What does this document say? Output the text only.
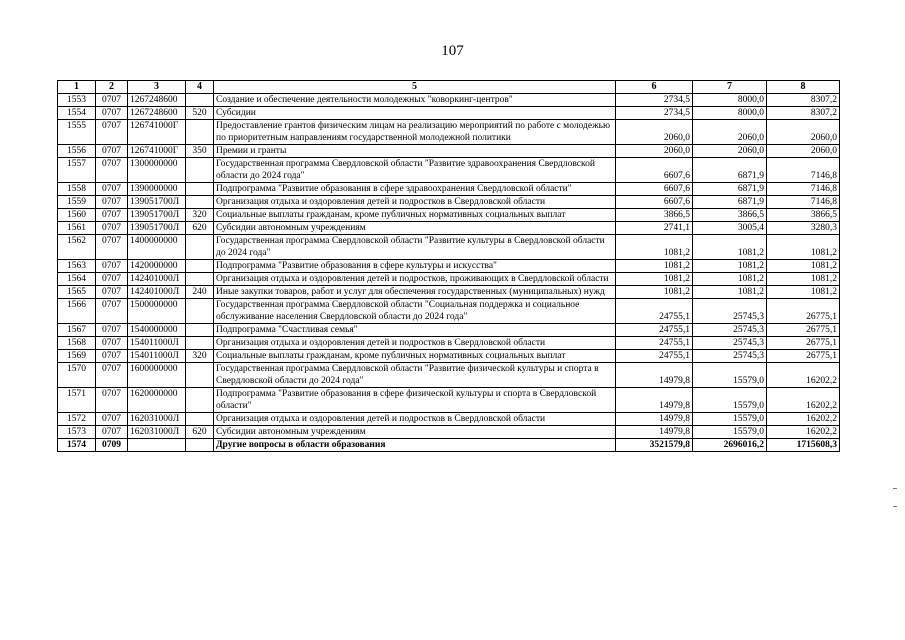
107
1	2	3	4	5	6	7	8
1553	0707	1267248600		Создание и обеспечение деятельности молодежных "коворкинг-центров"	2734,5	8000,0	8307,2
1554	0707	1267248600	520	Субсидии	2734,5	8000,0	8307,2
1555	0707	126741000Г		Предоставление грантов физическим лицам на реализацию мероприятий по работе с молодежью по приоритетным направлениям государственной молодежной политики	2060,0	2060,0	2060,0
1556	0707	126741000Г	350	Премии и гранты	2060,0	2060,0	2060,0
1557	0707	1300000000		Государственная программа Свердловской области "Развитие здравоохранения Свердловской области до 2024 года"	6607,6	6871,9	7146,8
1558	0707	1390000000		Подпрограмма "Развитие образования в сфере здравоохранения Свердловской области"	6607,6	6871,9	7146,8
1559	0707	139051700Л		Организация отдыха и оздоровления детей и подростков в Свердловской области	6607,6	6871,9	7146,8
1560	0707	139051700Л	320	Социальные выплаты гражданам, кроме публичных нормативных социальных выплат	3866,5	3866,5	3866,5
1561	0707	139051700Л	620	Субсидии автономным учреждениям	2741,1	3005,4	3280,3
1562	0707	1400000000		Государственная программа Свердловской области "Развитие культуры в Свердловской области до 2024 года"	1081,2	1081,2	1081,2
1563	0707	1420000000		Подпрограмма "Развитие образования в сфере культуры и искусства"	1081,2	1081,2	1081,2
1564	0707	142401000Л		Организация отдыха и оздоровления детей и подростков, проживающих в Свердловской области	1081,2	1081,2	1081,2
1565	0707	142401000Л	240	Иные закупки товаров, работ и услуг для обеспечения государственных (муниципальных) нужд	1081,2	1081,2	1081,2
1566	0707	1500000000		Государственная программа Свердловской области "Социальная поддержка и социальное обслуживание населения Свердловской области до 2024 года"	24755,1	25745,3	26775,1
1567	0707	1540000000		Подпрограмма "Счастливая семья"	24755,1	25745,3	26775,1
1568	0707	154011000Л		Организация отдыха и оздоровления детей и подростков в Свердловской области	24755,1	25745,3	26775,1
1569	0707	154011000Л	320	Социальные выплаты гражданам, кроме публичных нормативных социальных выплат	24755,1	25745,3	26775,1
1570	0707	1600000000		Государственная программа Свердловской области "Развитие физической культуры и спорта в Свердловской области до 2024 года"	14979,8	15579,0	16202,2
1571	0707	1620000000		Подпрограмма "Развитие образования в сфере физической культуры и спорта в Свердловской области"	14979,8	15579,0	16202,2
1572	0707	162031000Л		Организация отдыха и оздоровления детей и подростков в Свердловской области	14979,8	15579,0	16202,2
1573	0707	162031000Л	620	Субсидии автономным учреждениям	14979,8	15579,0	16202,2
1574	0709			Другие вопросы в области образования	3521579,8	2696016,2	1715608,3
